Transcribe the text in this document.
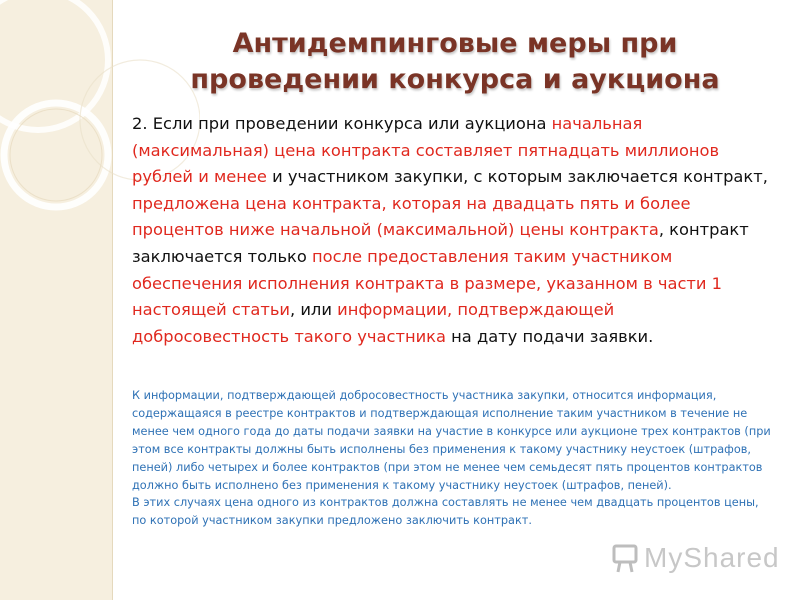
Антидемпинговые меры при проведении конкурса и аукциона

2. Если при проведении конкурса или аукциона начальная (максимальная) цена контракта составляет пятнадцать миллионов рублей и менее и участником закупки, с которым заключается контракт, предложена цена контракта, которая на двадцать пять и более процентов ниже начальной (максимальной) цены контракта, контракт заключается только после предоставления таким участником обеспечения исполнения контракта в размере, указанном в части 1 настоящей статьи, или информации, подтверждающей добросовестность такого участника на дату подачи заявки.

К информации, подтверждающей добросовестность участника закупки, относится информация, содержащаяся в реестре контрактов и подтверждающая исполнение таким участником в течение не менее чем одного года до даты подачи заявки на участие в конкурсе или аукционе трех контрактов (при этом все контракты должны быть исполнены без применения к такому участнику неустоек (штрафов, пеней) либо четырех и более контрактов (при этом не менее чем семьдесят пять процентов контрактов должно быть исполнено без применения к такому участнику неустоек (штрафов, пеней).

В этих случаях цена одного из контрактов должна составлять не менее чем двадцать процентов цены, по которой участником закупки предложено заключить контракт.

MyShared
